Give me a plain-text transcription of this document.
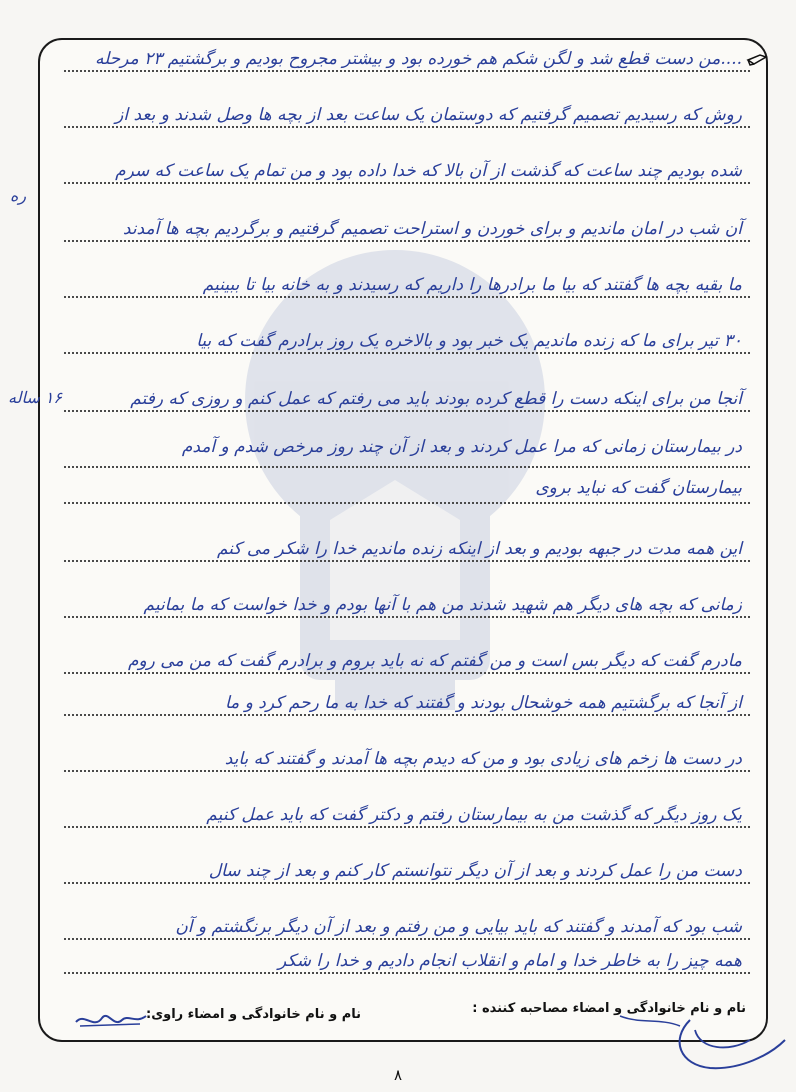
....من دست قطع شد و لگن شکم هم خورده بود و بیشتر مجروح بودیم و برگشتیم ۲۳ مرحله
روش که رسیدیم تصمیم گرفتیم که دوستمان یک ساعت بعد از بچه ها وصل شدند و بعد از
شده بودیم چند ساعت که گذشت از آن بالا که خدا داده بود و من تمام یک ساعت که سرم
آن شب در امان ماندیم و برای خوردن و استراحت تصمیم گرفتیم و برگردیم بچه ها آمدند
ما بقیه بچه ها گفتند که بیا ما برادرها را داریم که رسیدند و به خانه بیا تا ببینیم
۳۰ تیر برای ما که زنده ماندیم یک خبر بود و بالاخره یک روز برادرم گفت که بیا
آنجا من برای اینکه دست را قطع کرده بودند باید می رفتم که عمل کنم و روزی که رفتم
در بیمارستان زمانی که مرا عمل کردند و بعد از آن چند روز مرخص شدم و آمدم
بیمارستان گفت که نباید بروی
این همه مدت در جبهه بودیم و بعد از اینکه زنده ماندیم خدا را شکر می کنم
زمانی که بچه های دیگر هم شهید شدند من هم با آنها بودم و خدا خواست که ما بمانیم
مادرم گفت که دیگر بس است و من گفتم که نه باید بروم و برادرم گفت که من می روم
از آنجا که برگشتیم همه خوشحال بودند و گفتند که خدا به ما رحم کرد و ما
در دست ها زخم های زیادی بود و من که دیدم بچه ها آمدند و گفتند که باید
یک روز دیگر که گذشت من به بیمارستان رفتم و دکتر گفت که باید عمل کنیم
دست من را عمل کردند و بعد از آن دیگر نتوانستم کار کنم و بعد از چند سال
شب بود که آمدند و گفتند که باید بیایی و من رفتم و بعد از آن دیگر برنگشتم و آن
همه چیز را به خاطر خدا و امام و انقلاب انجام دادیم و خدا را شکر
۱۶ ساله
ره
نام و نام خانوادگی و امضاء مصاحبه کننده :
نام و نام خانوادگی و امضاء راوی:
۸
